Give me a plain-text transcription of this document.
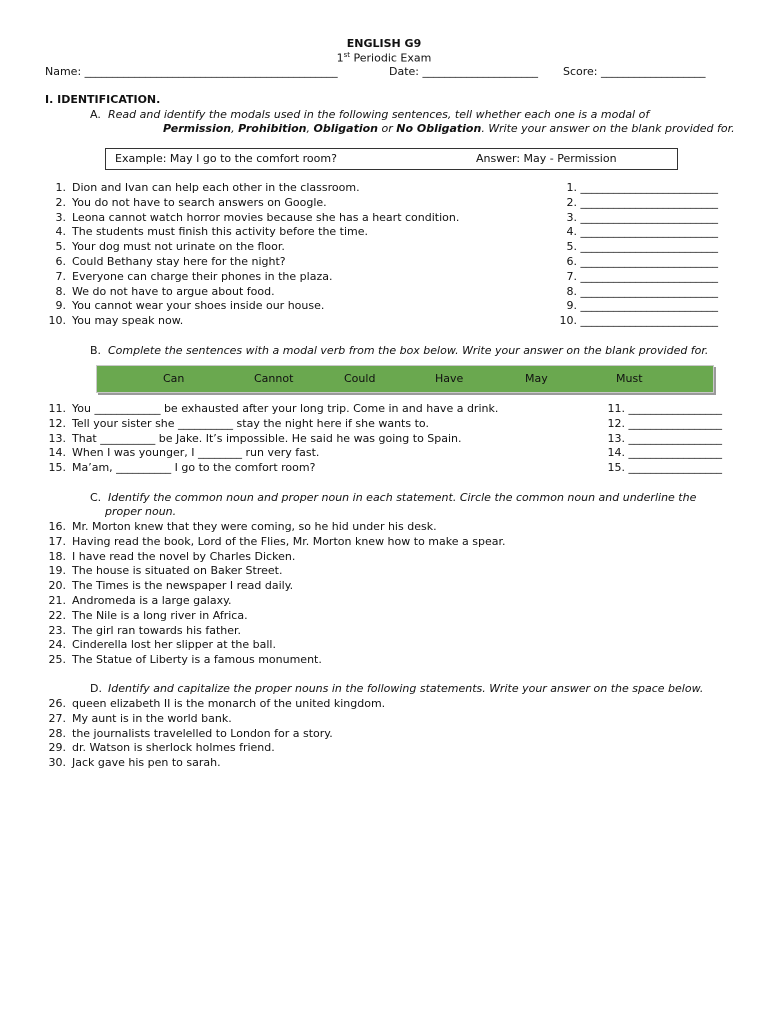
ENGLISH G9
1st Periodic Exam
Name: ______________________________________________	Date: _____________________ Score: ___________________
I. IDENTIFICATION.
A. Read and identify the modals used in the following sentences, tell whether each one is a modal of
Permission, Prohibition, Obligation or No Obligation. Write your answer on the blank provided for.
Example: May I go to the comfort room?	Answer: May - Permission
1. Dion and Ivan can help each other in the classroom.	1. _________________________
2. You do not have to search answers on Google.	2. _________________________
3. Leona cannot watch horror movies because she has a heart condition.	3. _________________________
4. The students must finish this activity before the time.	4. _________________________
5. Your dog must not urinate on the floor.	5. _________________________
6. Could Bethany stay here for the night?	6. _________________________
7. Everyone can charge their phones in the plaza.	7. _________________________
8. We do not have to argue about food.	8. _________________________
9. You cannot wear your shoes inside our house.	9. _________________________
10. You may speak now.	10. _________________________
B. Complete the sentences with a modal verb from the box below. Write your answer on the blank provided for.
Can	Cannot	Could	Have	May	Must
11. You ____________ be exhausted after your long trip. Come in and have a drink.	11. _________________
12. Tell your sister she __________ stay the night here if she wants to.	12. _________________
13. That __________ be Jake. It’s impossible. He said he was going to Spain.	13. _________________
14. When I was younger, I ________ run very fast.	14. _________________
15. Ma’am, __________ I go to the comfort room?	15. _________________
C. Identify the common noun and proper noun in each statement. Circle the common noun and underline the
proper noun.
16. Mr. Morton knew that they were coming, so he hid under his desk.
17. Having read the book, Lord of the Flies, Mr. Morton knew how to make a spear.
18. I have read the novel by Charles Dicken.
19. The house is situated on Baker Street.
20. The Times is the newspaper I read daily.
21. Andromeda is a large galaxy.
22. The Nile is a long river in Africa.
23. The girl ran towards his father.
24. Cinderella lost her slipper at the ball.
25. The Statue of Liberty is a famous monument.
D. Identify and capitalize the proper nouns in the following statements. Write your answer on the space below.
26. queen elizabeth II is the monarch of the united kingdom.
27. My aunt is in the world bank.
28. the journalists travelelled to London for a story.
29. dr. Watson is sherlock holmes friend.
30. Jack gave his pen to sarah.
